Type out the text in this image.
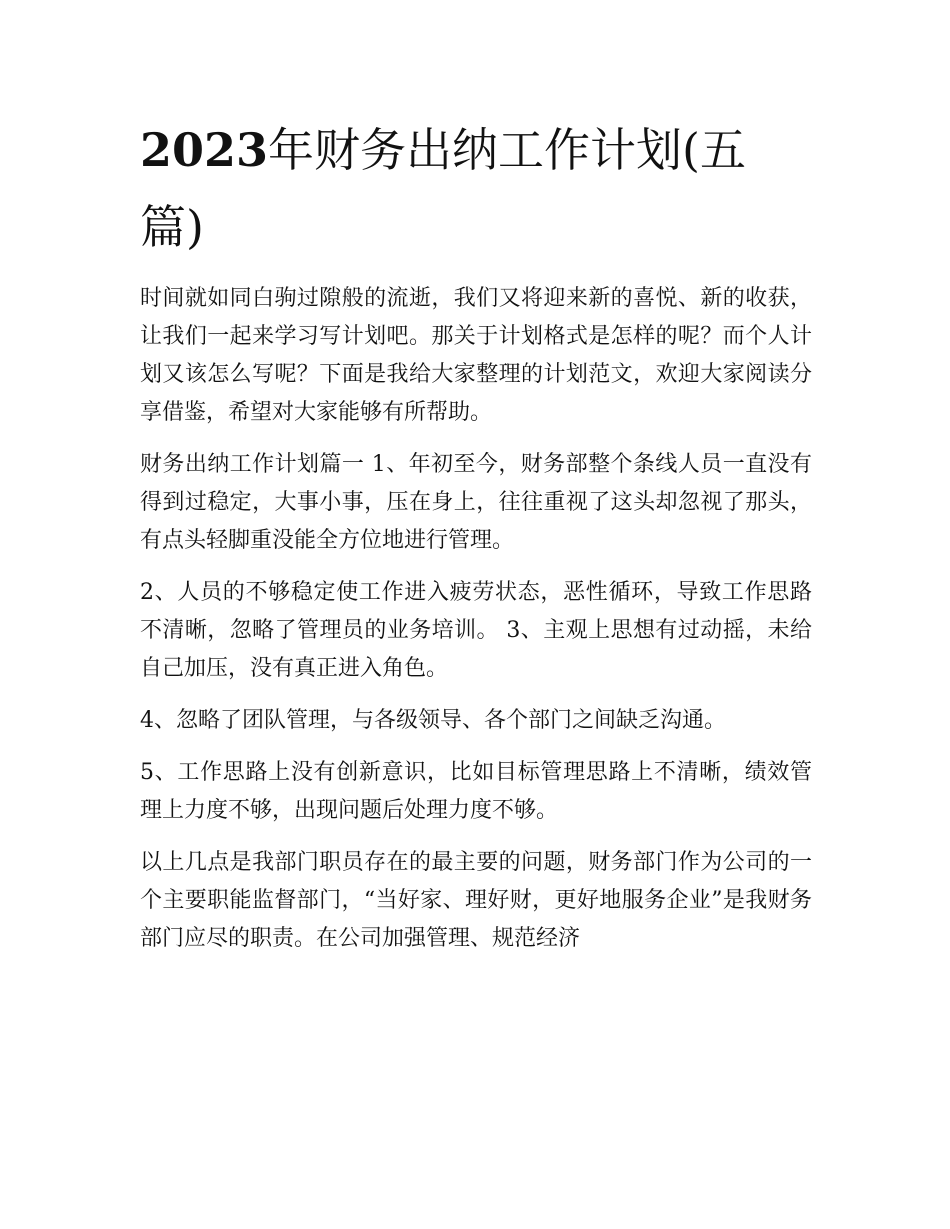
2023年财务出纳工作计划(五篇)

时间就如同白驹过隙般的流逝，我们又将迎来新的喜悦、新的收获，让我们一起来学习写计划吧。那关于计划格式是怎样的呢？而个人计划又该怎么写呢？下面是我给大家整理的计划范文，欢迎大家阅读分享借鉴，希望对大家能够有所帮助。

财务出纳工作计划篇一 1、年初至今，财务部整个条线人员一直没有得到过稳定，大事小事，压在身上，往往重视了这头却忽视了那头，有点头轻脚重没能全方位地进行管理。

2、人员的不够稳定使工作进入疲劳状态，恶性循环，导致工作思路不清晰，忽略了管理员的业务培训。 3、主观上思想有过动摇，未给自己加压，没有真正进入角色。

4、忽略了团队管理，与各级领导、各个部门之间缺乏沟通。

5、工作思路上没有创新意识，比如目标管理思路上不清晰，绩效管理上力度不够，出现问题后处理力度不够。

以上几点是我部门职员存在的最主要的问题，财务部门作为公司的一个主要职能监督部门，“当好家、理好财，更好地服务企业”是我财务部门应尽的职责。在公司加强管理、规范经济
